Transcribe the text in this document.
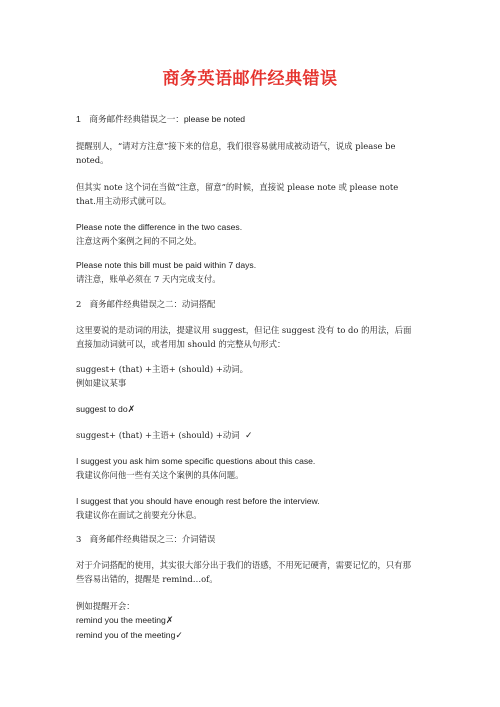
商务英语邮件经典错误

1　商务邮件经典错误之一：please be noted

提醒别人，“请对方注意”接下来的信息，我们很容易就用成被动语气，说成 please be noted。

但其实 note 这个词在当做“注意，留意”的时候，直接说 please note 或 please note that.用主动形式就可以。

Please note the difference in the two cases.

注意这两个案例之间的不同之处。

Please note this bill must be paid within 7 days.

请注意，账单必须在 7 天内完成支付。

2　商务邮件经典错误之二：动词搭配

这里要说的是动词的用法，提建议用 suggest，但记住 suggest 没有 to do 的用法，后面直接加动词就可以，或者用加 should 的完整从句形式：

suggest+ (that) +主语+ (should) +动词。

例如建议某事

suggest to do✗

suggest+ (that) +主语+ (should) +动词 ✓

I suggest you ask him some specific questions about this case.

我建议你问他一些有关这个案例的具体问题。

I suggest that you should have enough rest before the interview.

我建议你在面试之前要充分休息。

3　商务邮件经典错误之三：介词错误

对于介词搭配的使用，其实很大部分出于我们的语感，不用死记硬背，需要记忆的，只有那些容易出错的，提醒是 remind…of。

例如提醒开会：

remind you the meeting✗

remind you of the meeting✓
